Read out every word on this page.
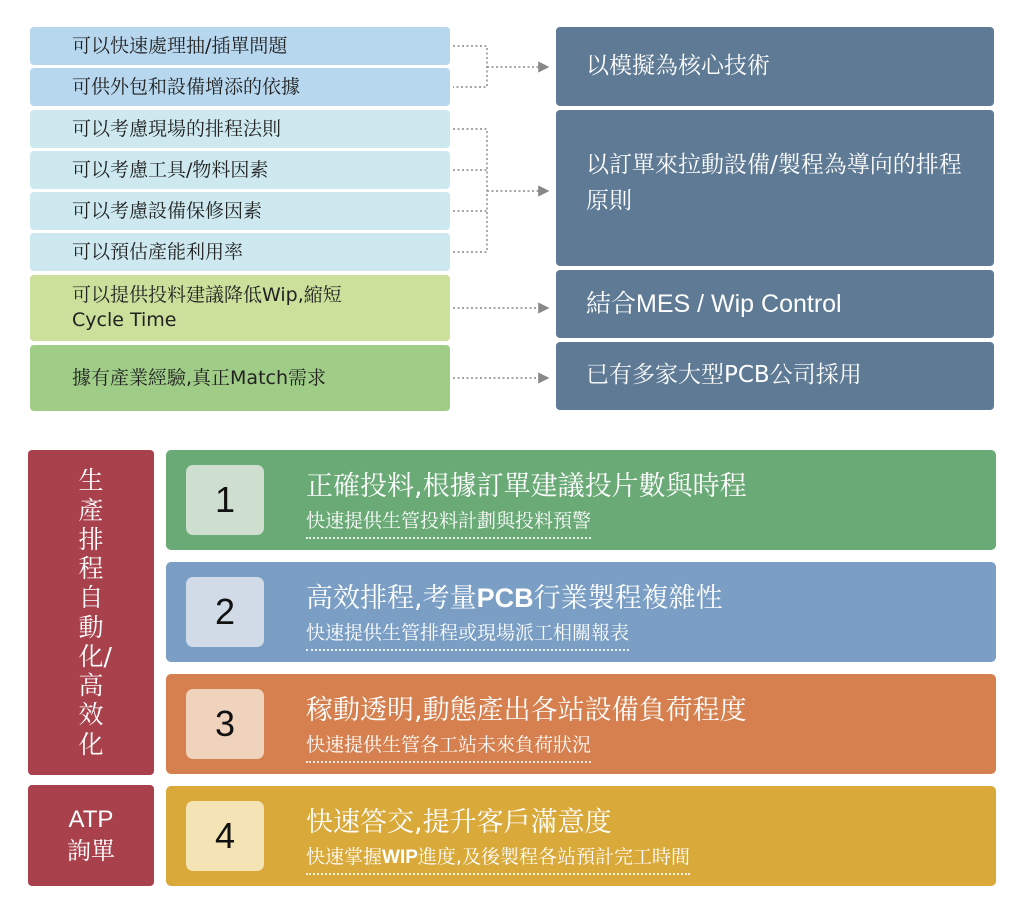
可以快速處理抽/插單問題
可供外包和設備增添的依據
可以考慮現場的排程法則
可以考慮工具/物料因素
可以考慮設備保修因素
可以預估產能利用率
可以提供投料建議降低Wip,縮短 Cycle Time
據有產業經驗,真正Match需求
以模擬為核心技術
以訂單來拉動設備/製程為導向的排程原則
結合MES / Wip Control
已有多家大型PCB公司採用
生產排程自動化/高效化
ATP
詢單
1	正確投料,根據訂單建議投片數與時程
快速提供生管投料計劃與投料預警
2	高效排程,考量PCB行業製程複雜性
快速提供生管排程或現場派工相關報表
3	稼動透明,動態產出各站設備負荷程度
快速提供生管各工站未來負荷狀況
4	快速答交,提升客戶滿意度
快速掌握WIP進度,及後製程各站預計完工時間
